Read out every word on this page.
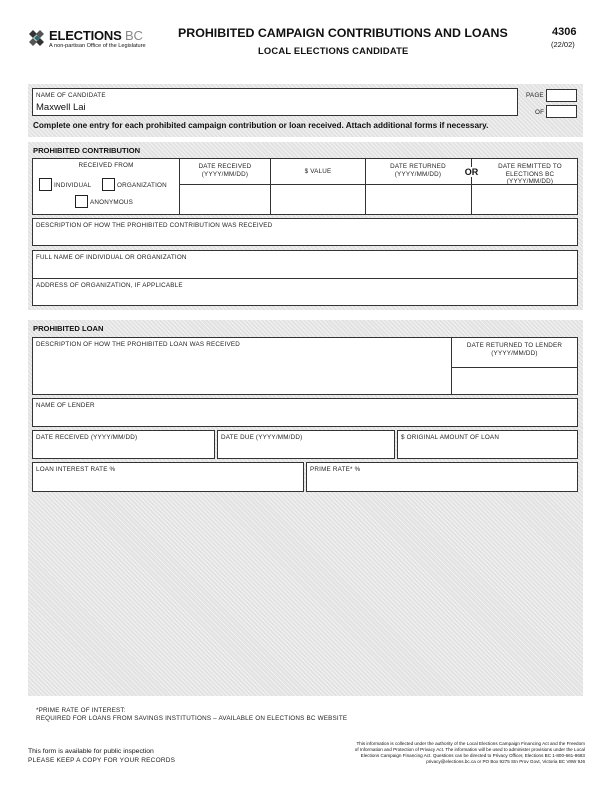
ELECTIONS BC
A non-partisan Office of the Legislature
PROHIBITED CAMPAIGN CONTRIBUTIONS AND LOANS
LOCAL ELECTIONS CANDIDATE
4306
(22/02)
NAME OF CANDIDATE
Maxwell Lai
PAGE
OF
Complete one entry for each prohibited campaign contribution or loan received. Attach additional forms if necessary.
PROHIBITED CONTRIBUTION
RECEIVED FROM
INDIVIDUAL	ORGANIZATION
ANONYMOUS
DATE RECEIVED (YYYY/MM/DD)	$ VALUE
DATE RETURNED (YYYY/MM/DD)	OR
DATE REMITTED TO ELECTIONS BC (YYYY/MM/DD)
DESCRIPTION OF HOW THE PROHIBITED CONTRIBUTION WAS RECEIVED
FULL NAME OF INDIVIDUAL OR ORGANIZATION
ADDRESS OF ORGANIZATION, IF APPLICABLE
PROHIBITED LOAN
DESCRIPTION OF HOW THE PROHIBITED LOAN WAS RECEIVED	DATE RETURNED TO LENDER (YYYY/MM/DD)
NAME OF LENDER
DATE RECEIVED (YYYY/MM/DD)	DATE DUE (YYYY/MM/DD)	$ ORIGINAL AMOUNT OF LOAN
LOAN INTEREST RATE %	PRIME RATE* %
*PRIME RATE OF INTEREST:
REQUIRED FOR LOANS FROM SAVINGS INSTITUTIONS – AVAILABLE ON ELECTIONS BC WEBSITE
This form is available for public inspection
PLEASE KEEP A COPY FOR YOUR RECORDS
This information is collected under the authority of the Local Elections Campaign Financing Act and the Freedom
of Information and Protection of Privacy Act. The information will be used to administer provisions under the Local
Elections Campaign Financing Act. Questions can be directed to Privacy Officer, Elections BC 1-800-661-8683
privacy@elections.bc.ca or PO Box 9275 Stn Prov Govt, Victoria BC V8W 9J6
